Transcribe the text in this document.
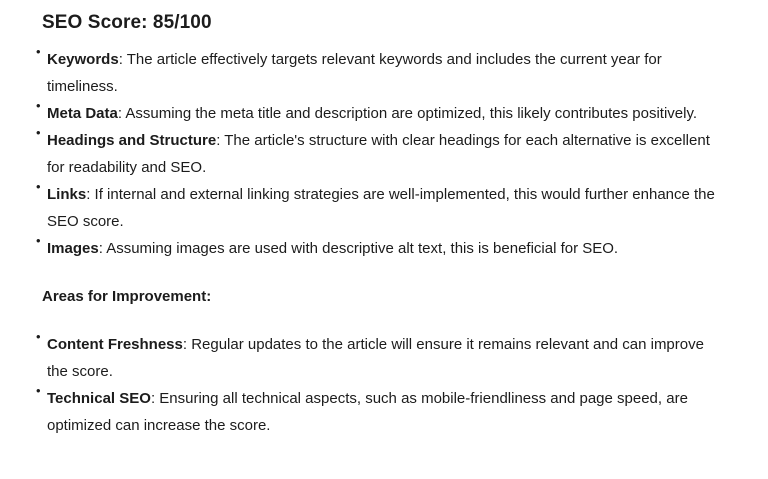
SEO Score: 85/100
• Keywords: The article effectively targets relevant keywords and includes the current year for timeliness.
• Meta Data: Assuming the meta title and description are optimized, this likely contributes positively.
• Headings and Structure: The article's structure with clear headings for each alternative is excellent for readability and SEO.
• Links: If internal and external linking strategies are well-implemented, this would further enhance the SEO score.
• Images: Assuming images are used with descriptive alt text, this is beneficial for SEO.

Areas for Improvement:

• Content Freshness: Regular updates to the article will ensure it remains relevant and can improve the score.
• Technical SEO: Ensuring all technical aspects, such as mobile-friendliness and page speed, are optimized can increase the score.
